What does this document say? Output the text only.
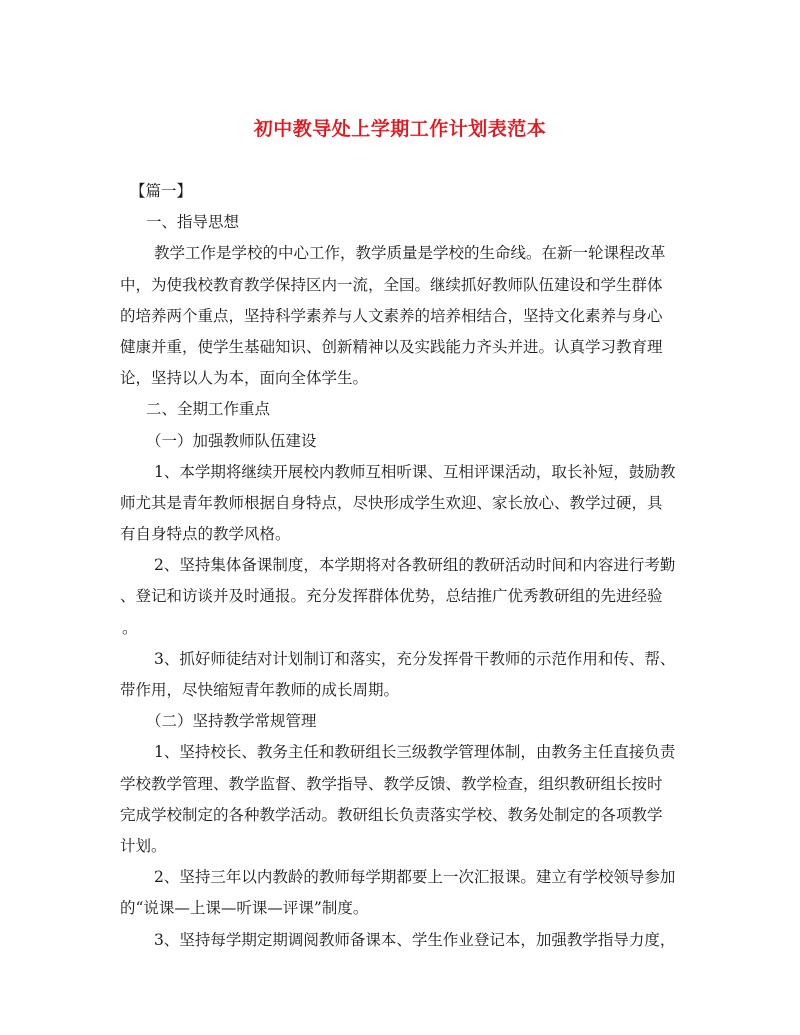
初中教导处上学期工作计划表范本
【篇一】
一、指导思想
教学工作是学校的中心工作，教学质量是学校的生命线。在新一轮课程改革
中，为使我校教育教学保持区内一流，全国。继续抓好教师队伍建设和学生群体
的培养两个重点，坚持科学素养与人文素养的培养相结合，坚持文化素养与身心
健康并重，使学生基础知识、创新精神以及实践能力齐头并进。认真学习教育理
论，坚持以人为本，面向全体学生。
二、全期工作重点
（一）加强教师队伍建设
1、本学期将继续开展校内教师互相听课、互相评课活动，取长补短，鼓励教
师尤其是青年教师根据自身特点，尽快形成学生欢迎、家长放心、教学过硬，具
有自身特点的教学风格。
2、坚持集体备课制度，本学期将对各教研组的教研活动时间和内容进行考勤
、登记和访谈并及时通报。充分发挥群体优势，总结推广优秀教研组的先进经验
。
3、抓好师徒结对计划制订和落实，充分发挥骨干教师的示范作用和传、帮、
带作用，尽快缩短青年教师的成长周期。
（二）坚持教学常规管理
1、坚持校长、教务主任和教研组长三级教学管理体制，由教务主任直接负责
学校教学管理、教学监督、教学指导、教学反馈、教学检查，组织教研组长按时
完成学校制定的各种教学活动。教研组长负责落实学校、教务处制定的各项教学
计划。
2、坚持三年以内教龄的教师每学期都要上一次汇报课。建立有学校领导参加
的“说课—上课—听课—评课”制度。
3、坚持每学期定期调阅教师备课本、学生作业登记本，加强教学指导力度，
